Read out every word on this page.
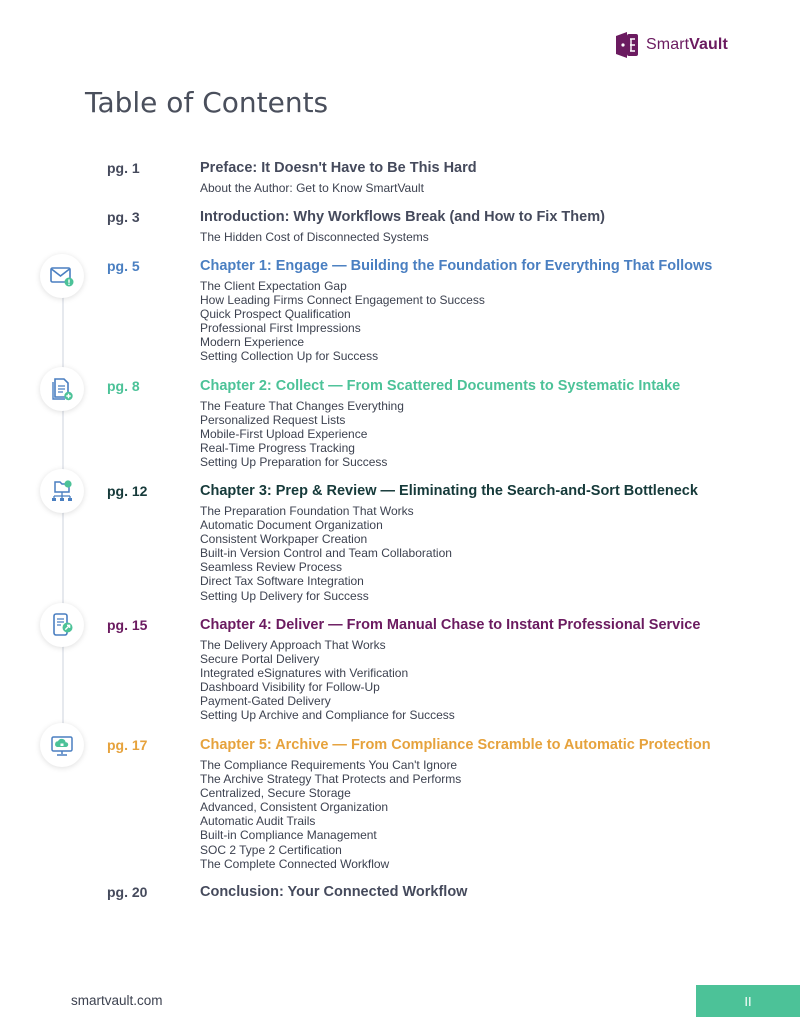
SmartVault
Table of Contents
pg. 1	Preface: It Doesn't Have to Be This Hard
About the Author: Get to Know SmartVault
pg. 3	Introduction: Why Workflows Break (and How to Fix Them)
The Hidden Cost of Disconnected Systems
pg. 5	Chapter 1: Engage — Building the Foundation for Everything That Follows
The Client Expectation Gap
How Leading Firms Connect Engagement to Success
Quick Prospect Qualification
Professional First Impressions
Modern Experience
Setting Collection Up for Success
pg. 8	Chapter 2: Collect — From Scattered Documents to Systematic Intake
The Feature That Changes Everything
Personalized Request Lists
Mobile-First Upload Experience
Real-Time Progress Tracking
Setting Up Preparation for Success
pg. 12	Chapter 3: Prep & Review — Eliminating the Search-and-Sort Bottleneck
The Preparation Foundation That Works
Automatic Document Organization
Consistent Workpaper Creation
Built-in Version Control and Team Collaboration
Seamless Review Process
Direct Tax Software Integration
Setting Up Delivery for Success
pg. 15	Chapter 4: Deliver — From Manual Chase to Instant Professional Service
The Delivery Approach That Works
Secure Portal Delivery
Integrated eSignatures with Verification
Dashboard Visibility for Follow-Up
Payment-Gated Delivery
Setting Up Archive and Compliance for Success
pg. 17	Chapter 5: Archive — From Compliance Scramble to Automatic Protection
The Compliance Requirements You Can't Ignore
The Archive Strategy That Protects and Performs
Centralized, Secure Storage
Advanced, Consistent Organization
Automatic Audit Trails
Built-in Compliance Management
SOC 2 Type 2 Certification
The Complete Connected Workflow
pg. 20	Conclusion: Your Connected Workflow
smartvault.com	II
